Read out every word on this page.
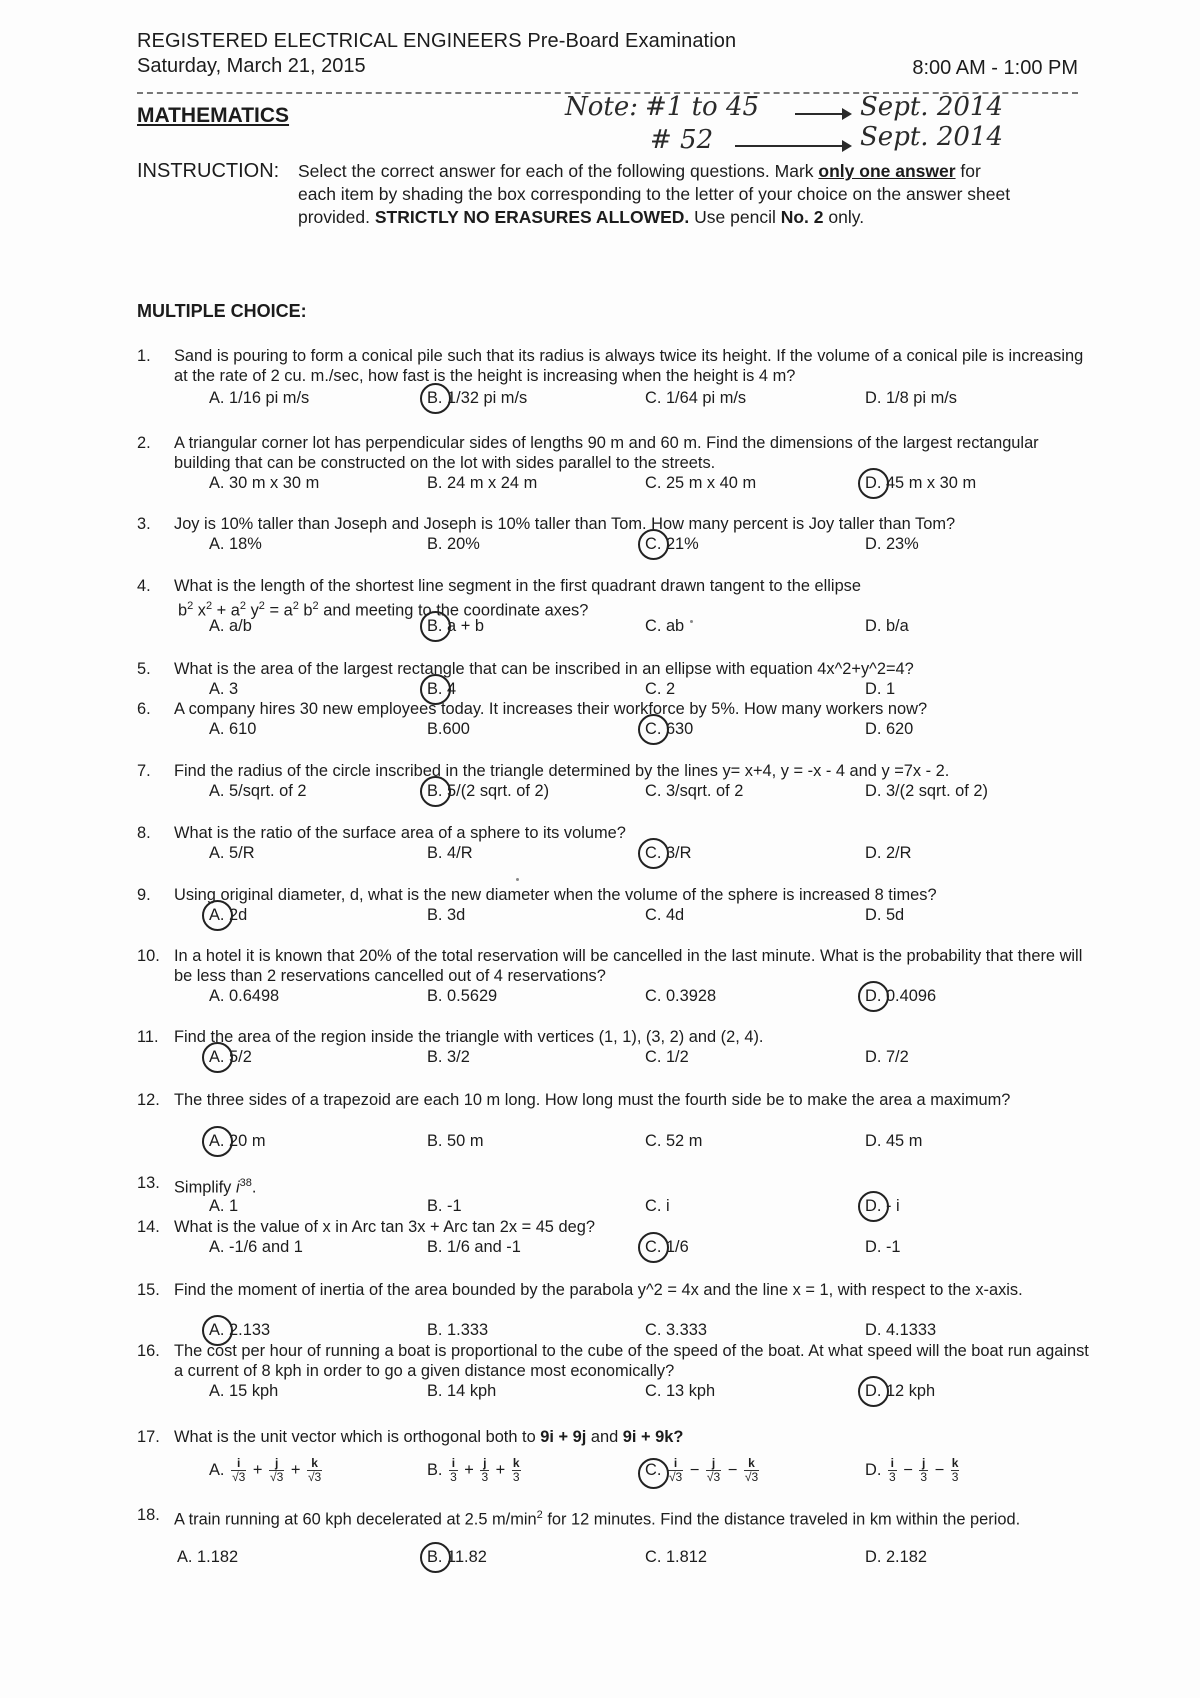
REGISTERED ELECTRICAL ENGINEERS Pre-Board Examination
Saturday, March 21, 2015	8:00 AM - 1:00 PM
MATHEMATICS	Note: #1 to 45	Sept. 2014
# 52	Sept. 2014
INSTRUCTION: Select the correct answer for each of the following questions. Mark only one answer for each item by shading the box corresponding to the letter of your choice on the answer sheet provided. STRICTLY NO ERASURES ALLOWED. Use pencil No. 2 only.
MULTIPLE CHOICE:
1. Sand is pouring to form a conical pile such that its radius is always twice its height. If the volume of a conical pile is increasing at the rate of 2 cu. m./sec, how fast is the height is increasing when the height is 4 m?
A. 1/16 pi m/s	B. 1/32 pi m/s	C. 1/64 pi m/s	D. 1/8 pi m/s
2. A triangular corner lot has perpendicular sides of lengths 90 m and 60 m. Find the dimensions of the largest rectangular building that can be constructed on the lot with sides parallel to the streets.
A. 30 m x 30 m	B. 24 m x 24 m	C. 25 m x 40 m	D. 45 m x 30 m
3. Joy is 10% taller than Joseph and Joseph is 10% taller than Tom. How many percent is Joy taller than Tom?
A. 18%	B. 20%	C. 21%	D. 23%
4. What is the length of the shortest line segment in the first quadrant drawn tangent to the ellipse
$b^2$ $x^2 + a^2$ $y^2 = a^2$ $b^2$ and meeting to the coordinate axes?
A. a/b	B. a + b	C. ab	D. b/a
5. What is the area of the largest rectangle that can be inscribed in an ellipse with equation 4x^2+y^2=4?
A. 3	B. 4	C. 2	D. 1
6. A company hires 30 new employees today. It increases their workforce by 5%. How many workers now?
A. 610	B.600	C. 630	D. 620
7. Find the radius of the circle inscribed in the triangle determined by the lines y= x+4, y = -x - 4 and y =7x - 2.
A. 5/sqrt. of 2	B. 5/(2 sqrt. of 2)	C. 3/sqrt. of 2	D. 3/(2 sqrt. of 2)
8. What is the ratio of the surface area of a sphere to its volume?
A. 5/R	B. 4/R	C. 3/R	D. 2/R
9. Using original diameter, d, what is the new diameter when the volume of the sphere is increased 8 times?
A. 2d	B. 3d	C. 4d	D. 5d
10. In a hotel it is known that 20% of the total reservation will be cancelled in the last minute. What is the probability that there will be less than 2 reservations cancelled out of 4 reservations?
A. 0.6498	B. 0.5629	C. 0.3928	D. 0.4096
11. Find the area of the region inside the triangle with vertices (1, 1), (3, 2) and (2, 4).
A. 5/2	B. 3/2	C. 1/2	D. 7/2
12. The three sides of a trapezoid are each 10 m long. How long must the fourth side be to make the area a maximum?
A. 20 m	B. 50 m	C. 52 m	D. 45 m
13. Simplify $i^{38}$.
A. 1	B. -1	C. i	D. - i
14. What is the value of x in Arc tan 3x + Arc tan 2x = 45 deg?
A. -1/6 and 1	B. 1/6 and -1	C. 1/6	D. -1
15. Find the moment of inertia of the area bounded by the parabola y^2 = 4x and the line x = 1, with respect to the x-axis.
A. 2.133	B. 1.333	C. 3.333	D. 4.1333
16. The cost per hour of running a boat is proportional to the cube of the speed of the boat. At what speed will the boat run against a current of 8 kph in order to go a given distance most economically?
A. 15 kph	B. 14 kph	C. 13 kph	D. 12 kph
17. What is the unit vector which is orthogonal both to 9i + 9j and 9i + 9k?
A. $\frac{i}{√3} + \frac{j}{√3} + \frac{k}{√3}$	B. $\frac{i}{3} + \frac{j}{3} + \frac{k}{3}$	C. $\frac{i}{√3} - \frac{j}{√3} - \frac{k}{√3}$	D. $\frac{i}{3} - \frac{j}{3} - \frac{k}{3}$
18. A train running at 60 kph decelerated at 2.5 $m/\min^2$ for 12 minutes. Find the distance traveled in km within the period.
A. 1.182	B. 11.82	C. 1.812	D. 2.182
